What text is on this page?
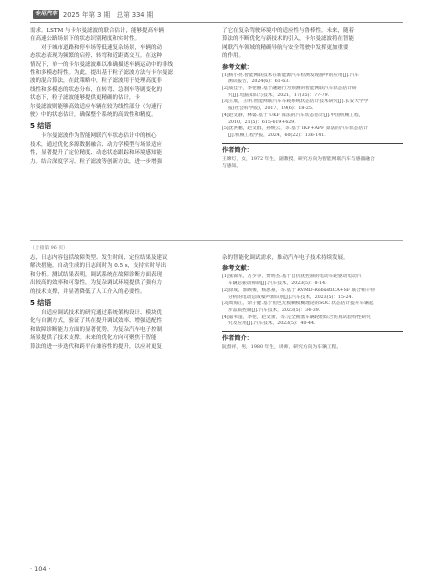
专用汽车 2025 年第 3 期　总第 334 期

需求。LSTM 与卡尔曼滤波的联合估计，能够提高车辆

在高速公路场景下的状态识别精度和实时性。

对于城市道路和停车场等低速复杂场景，车辆的动

态状态表现为频繁的启停、转弯和近距离交互。在这种

情况下，单一的卡尔曼滤波难以准确描述车辆运动中的非线

性和多模态特性。为此，提出基于粒子滤波方法与卡尔曼滤

波的混合算法，在此策略中，粒子滤波用于处理高度非

线性和多模态的状态分布，在转弯、急刹车等剧变化的

状态下，粒子滤波能够提供更精确的估计，卡

尔曼滤波则能够高效适应车辆在较为线性部分（匀速行

驶）中的状态估计，确保整个系统的高效性和精度。

5 结语

卡尔曼滤波作为智能网联汽车状态估计中的核心

技术，通过优化多源数据融合、动力学模型与场景适应

性，显著提升了定位精度、动态状态跟踪和环境感知能

力。结合深度学习、粒子滤波等创新方法，进一步增强

了它在复杂驾驶环境中的适应性与鲁棒性。未来，随着

算法的不断优化与新技术的引入，卡尔曼滤波将在智能

网联汽车领域的精确导航与安全驾驶中发挥更加重要

的作用。

参考文献：
[1]杨小亮.智能网联技术在新能源汽车检测发现静中的应用[J].汽车
测试报告，2024(6)：61-63.
[2]成佳宇，李伦丽.基于融通行为预测的智能网联汽车状态估计研
究[J].电脑知识与技术，2021，17(35)：77-79.
[3]王康，王明.智能网联汽车车载系统状态估计技术研究[J].长安大学学
报(社会科学版)，2017，19(6)：18-25.
[4]赵文静，林婆.基于 UKF 算法的汽车状态估计[J].中国机械工程，
2010，21(5)：615-619+629.
[5]沈洪鹏，赵文群，孙焕云，等.基于 IKF+APF 算法的汽车状态估计
[J].机械工程学报，2024，60(22)：136-141.
作者简介：
王嫦灯，女，1972 年生，副教授，研究方向为智能网联汽车与感器融合
与感知。
（上接第 96 页）

志，日志内容包括故障类型、发生时间、定位结果及建议

解决措施。自动生成的日志间时为 0.5 s，支持实时导出

和分析。测试结果表明，调试系统在故障诊断方面表现

出较高的效率和可靠性，为复杂调试环境提供了强有力

的技术支撑，并显著降低了人工介入的必要性。

5 结语

自适应调试技术的研究通过系统架构设计、模块优

化与自测方式，验证了其在提升调试效率、增强适配性

和故障诊断能力方面的显著优势，为复杂汽车电子控制

场景提供了技术支撑。未来的优化方向可聚焦于智能

算法的进一步迭代和跨平台兼容性的提升，以应对更复

杂的智能化调试需求，推动汽车电子技术持续发展。

参考文献：
[1]张锦军，万少争，贾明杰.基于自抗扰控制的电动车轮驱动电动汽
车辆总振动抑制[J].汽车技术，2023(5)：8-14.
[2]徐成，郭顾俊，杨思豪，等.基于 RVMD-RobustICA+SF 联合相干特
分析的电动总成噪声源识别[J].汽车技术，2023(5)：15-24.
[3]周海江，余子健.基于鱼色无模糊模糊理论的SOC 状态估计提升车辆起
步品质控制[J].汽车技术，2023(5)：34-39.
[4]董苇蓬，李伦，赵文蕾，等.完全拥塞车辆轮胎综合仿真试验特性研究
究及应用[J].汽车技术，2023(5)：40-44.
作者简介：
阮督祥，男，1980 年生，讲师，研究方向为车辆工程。
· 104 ·
